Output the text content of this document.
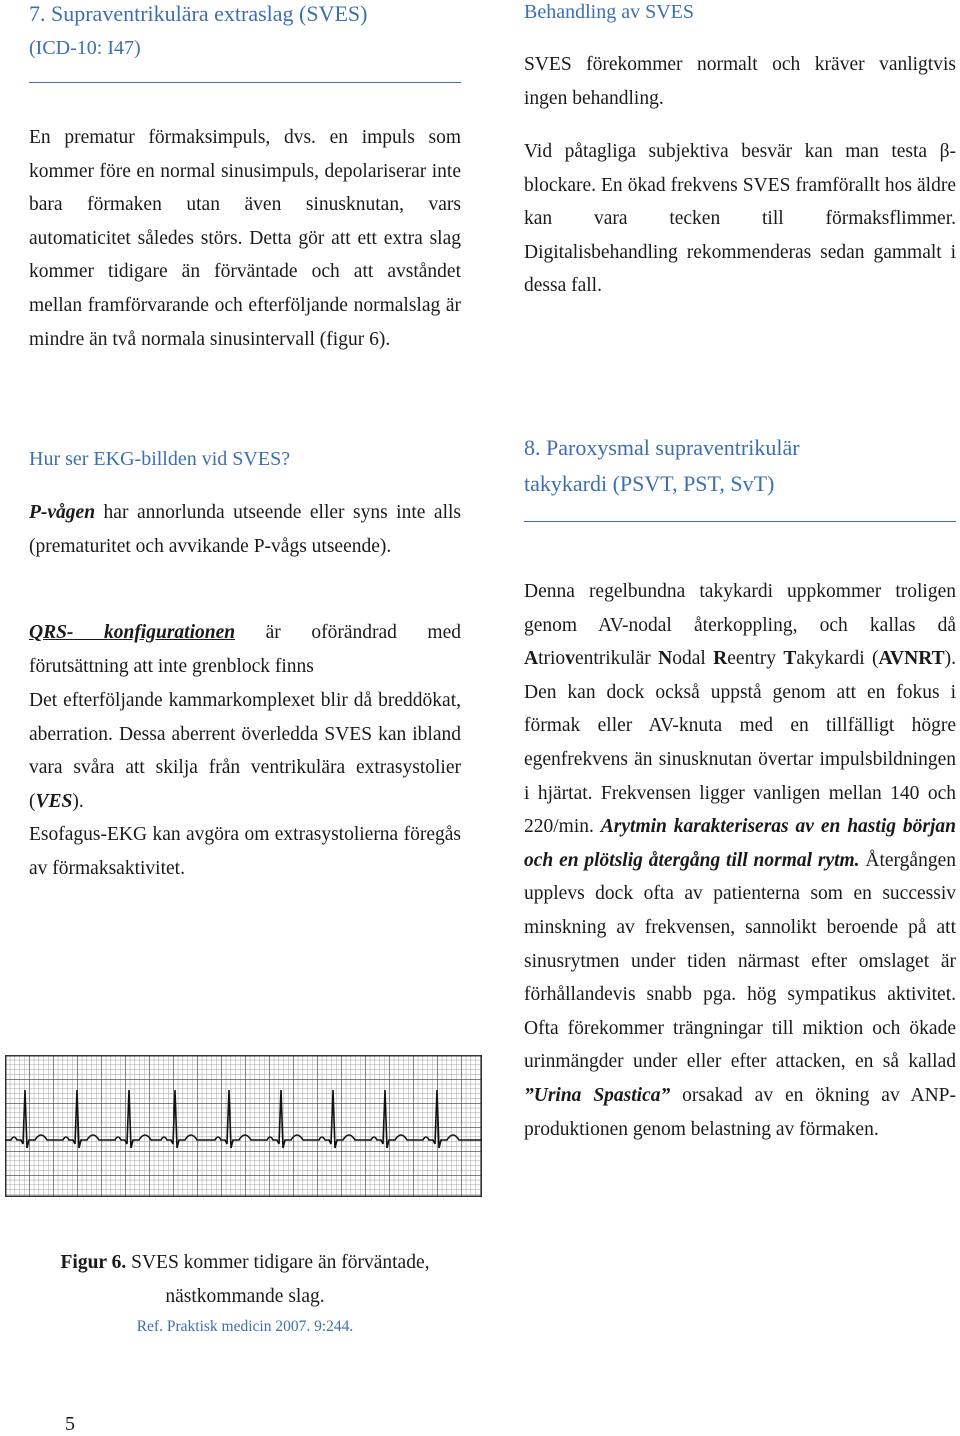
7. Supraventrikulära extraslag (SVES)
(ICD-10: I47)

En prematur förmaksimpuls, dvs. en impuls som kommer före en normal sinusimpuls, depolariserar inte bara förmaken utan även sinusknutan, vars automaticitet således störs. Detta gör att ett extra slag kommer tidigare än förväntade och att avståndet mellan framförvarande och efterföljande normalslag är mindre än två normala sinusintervall (figur 6).

Hur ser EKG-billden vid SVES?

P-vågen har annorlunda utseende eller syns inte alls (prematuritet och avvikande P-vågs utseende).

QRS- konfigurationen är oförändrad med förutsättning att inte grenblock finns

Det efterföljande kammarkomplexet blir då breddökat, aberration. Dessa aberrent överledda SVES kan ibland vara svåra att skilja från ventrikulära extrasystolier (VES).

Esofagus-EKG kan avgöra om extrasystolierna föregås av förmaksaktivitet.

Figur 6. SVES kommer tidigare än förväntade,
nästkommande slag.
Ref. Praktisk medicin 2007. 9:244.
Behandling av SVES

SVES förekommer normalt och kräver vanligtvis ingen behandling.

Vid påtagliga subjektiva besvär kan man testa β-blockare. En ökad frekvens SVES framförallt hos äldre kan vara tecken till förmaksflimmer. Digitalisbehandling rekommenderas sedan gammalt i dessa fall.

8. Paroxysmal supraventrikulär
takykardi (PSVT, PST, SvT)

Denna regelbundna takykardi uppkommer troligen genom AV-nodal återkoppling, och kallas då Atrioventrikulär Nodal Reentry Takykardi (AVNRT). Den kan dock också uppstå genom att en fokus i förmak eller AV-knuta med en tillfälligt högre egenfrekvens än sinusknutan övertar impulsbildningen i hjärtat. Frekvensen ligger vanligen mellan 140 och 220/min. Arytmin karakteriseras av en hastig början och en plötslig återgång till normal rytm. Återgången upplevs dock ofta av patienterna som en successiv minskning av frekvensen, sannolikt beroende på att sinusrytmen under tiden närmast efter omslaget är förhållandevis snabb pga. hög sympatikus aktivitet. Ofta förekommer trängningar till miktion och ökade urinmängder under eller efter attacken, en så kallad ”Urina Spastica” orsakad av en ökning av ANP-produktionen genom belastning av förmaken.

5
